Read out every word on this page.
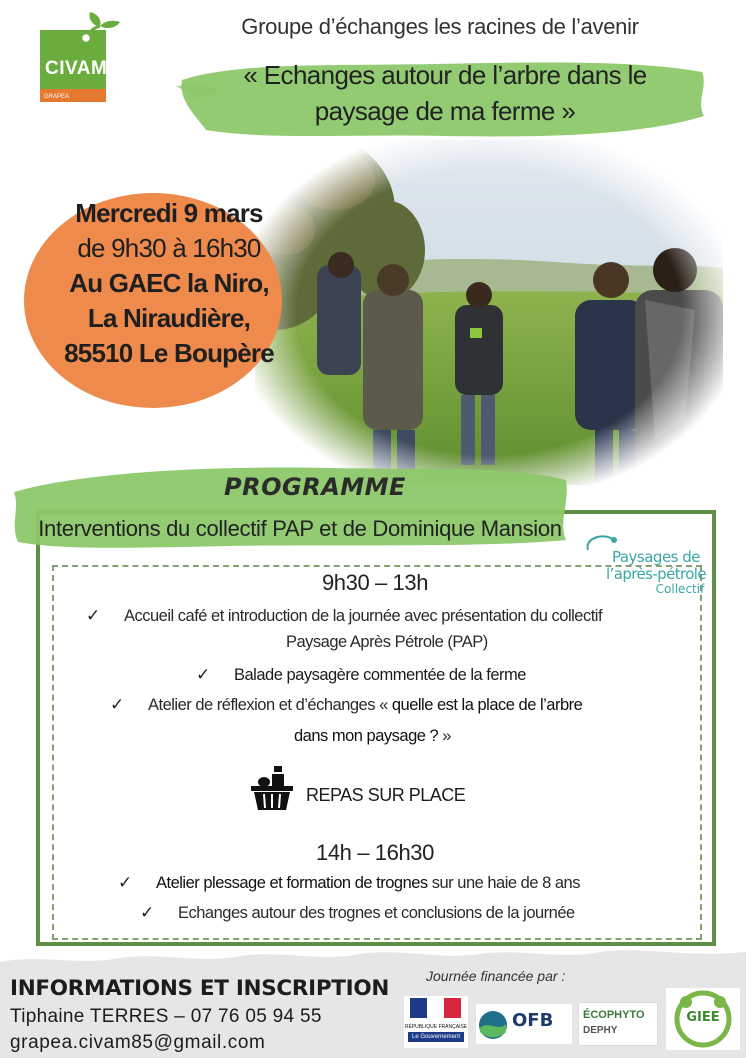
CIVAM
GRAPEA
Groupe d’échanges les racines de l’avenir
« Echanges autour de l’arbre dans le
paysage de ma ferme »
Mercredi 9 mars
de 9h30 à 16h30
Au GAEC la Niro,
La Niraudière,
85510 Le Boupère
PROGRAMME
Interventions du collectif PAP et de Dominique Mansion
Paysages de
l’après-pétrole
Collectif
9h30 – 13h
✓ Accueil café et introduction de la journée avec présentation du collectif
Paysage Après Pétrole (PAP)
✓ Balade paysagère commentée de la ferme
✓ Atelier de réflexion et d’échanges « quelle est la place de l’arbre
dans mon paysage ? »
REPAS SUR PLACE
14h – 16h30
✓ Atelier plessage et formation de trognes sur une haie de 8 ans
✓ Echanges autour des trognes et conclusions de la journée
INFORMATIONS ET INSCRIPTION
Tiphaine TERRES – 07 76 05 94 55
grapea.civam85@gmail.com
Journée financée par :
RÉPUBLIQUE FRANÇAISE
Le Gouvernement
OFB	ÉCOPHYTO
DEPHY
GIEE
